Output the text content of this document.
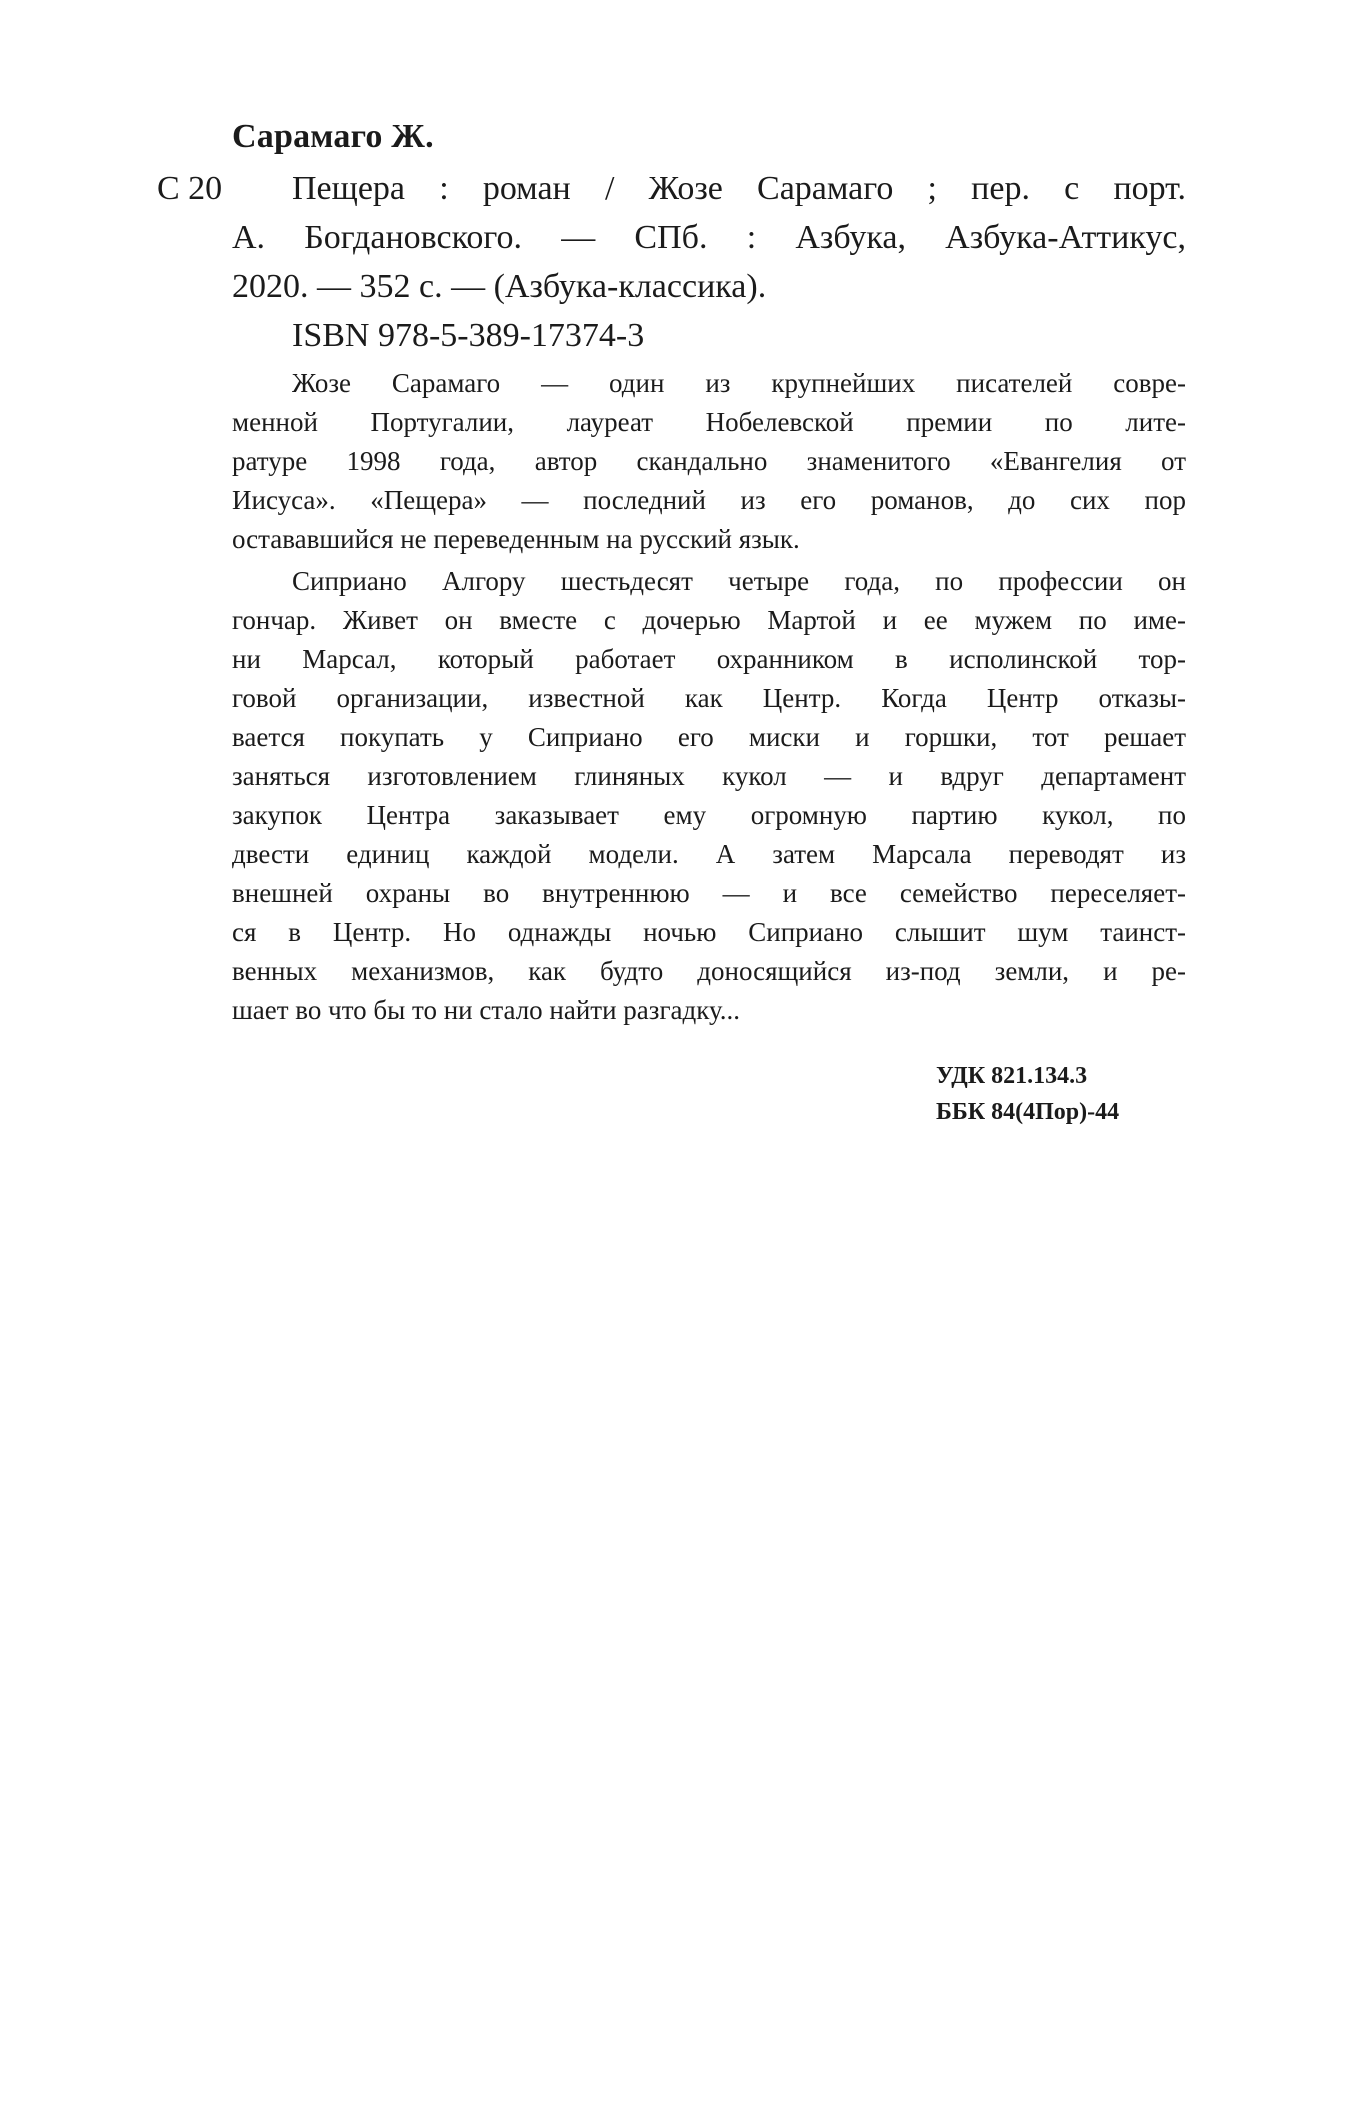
Сарамаго Ж.
С 20 Пещера : роман / Жозе Сарамаго ; пер. с порт.
А. Богдановского. — СПб. : Азбука, Азбука-Аттикус,
2020. — 352 с. — (Азбука-классика).
ISBN 978-5-389-17374-3
Жозе Сарамаго — один из крупнейших писателей совре-
менной Португалии, лауреат Нобелевской премии по лите-
ратуре 1998 года, автор скандально знаменитого «Евангелия от
Иисуса». «Пещера» — последний из его романов, до сих пор
остававшийся не переведенным на русский язык.
Сиприано Алгору шестьдесят четыре года, по профессии он
гончар. Живет он вместе с дочерью Мартой и ее мужем по име-
ни Марсал, который работает охранником в исполинской тор-
говой организации, известной как Центр. Когда Центр отказы-
вается покупать у Сиприано его миски и горшки, тот решает
заняться изготовлением глиняных кукол — и вдруг департамент
закупок Центра заказывает ему огромную партию кукол, по
двести единиц каждой модели. А затем Марсала переводят из
внешней охраны во внутреннюю — и все семейство переселяет-
ся в Центр. Но однажды ночью Сиприано слышит шум таинст-
венных механизмов, как будто доносящийся из-под земли, и ре-
шает во что бы то ни стало найти разгадку...
УДК 821.134.3
ББК 84(4Пор)-44
